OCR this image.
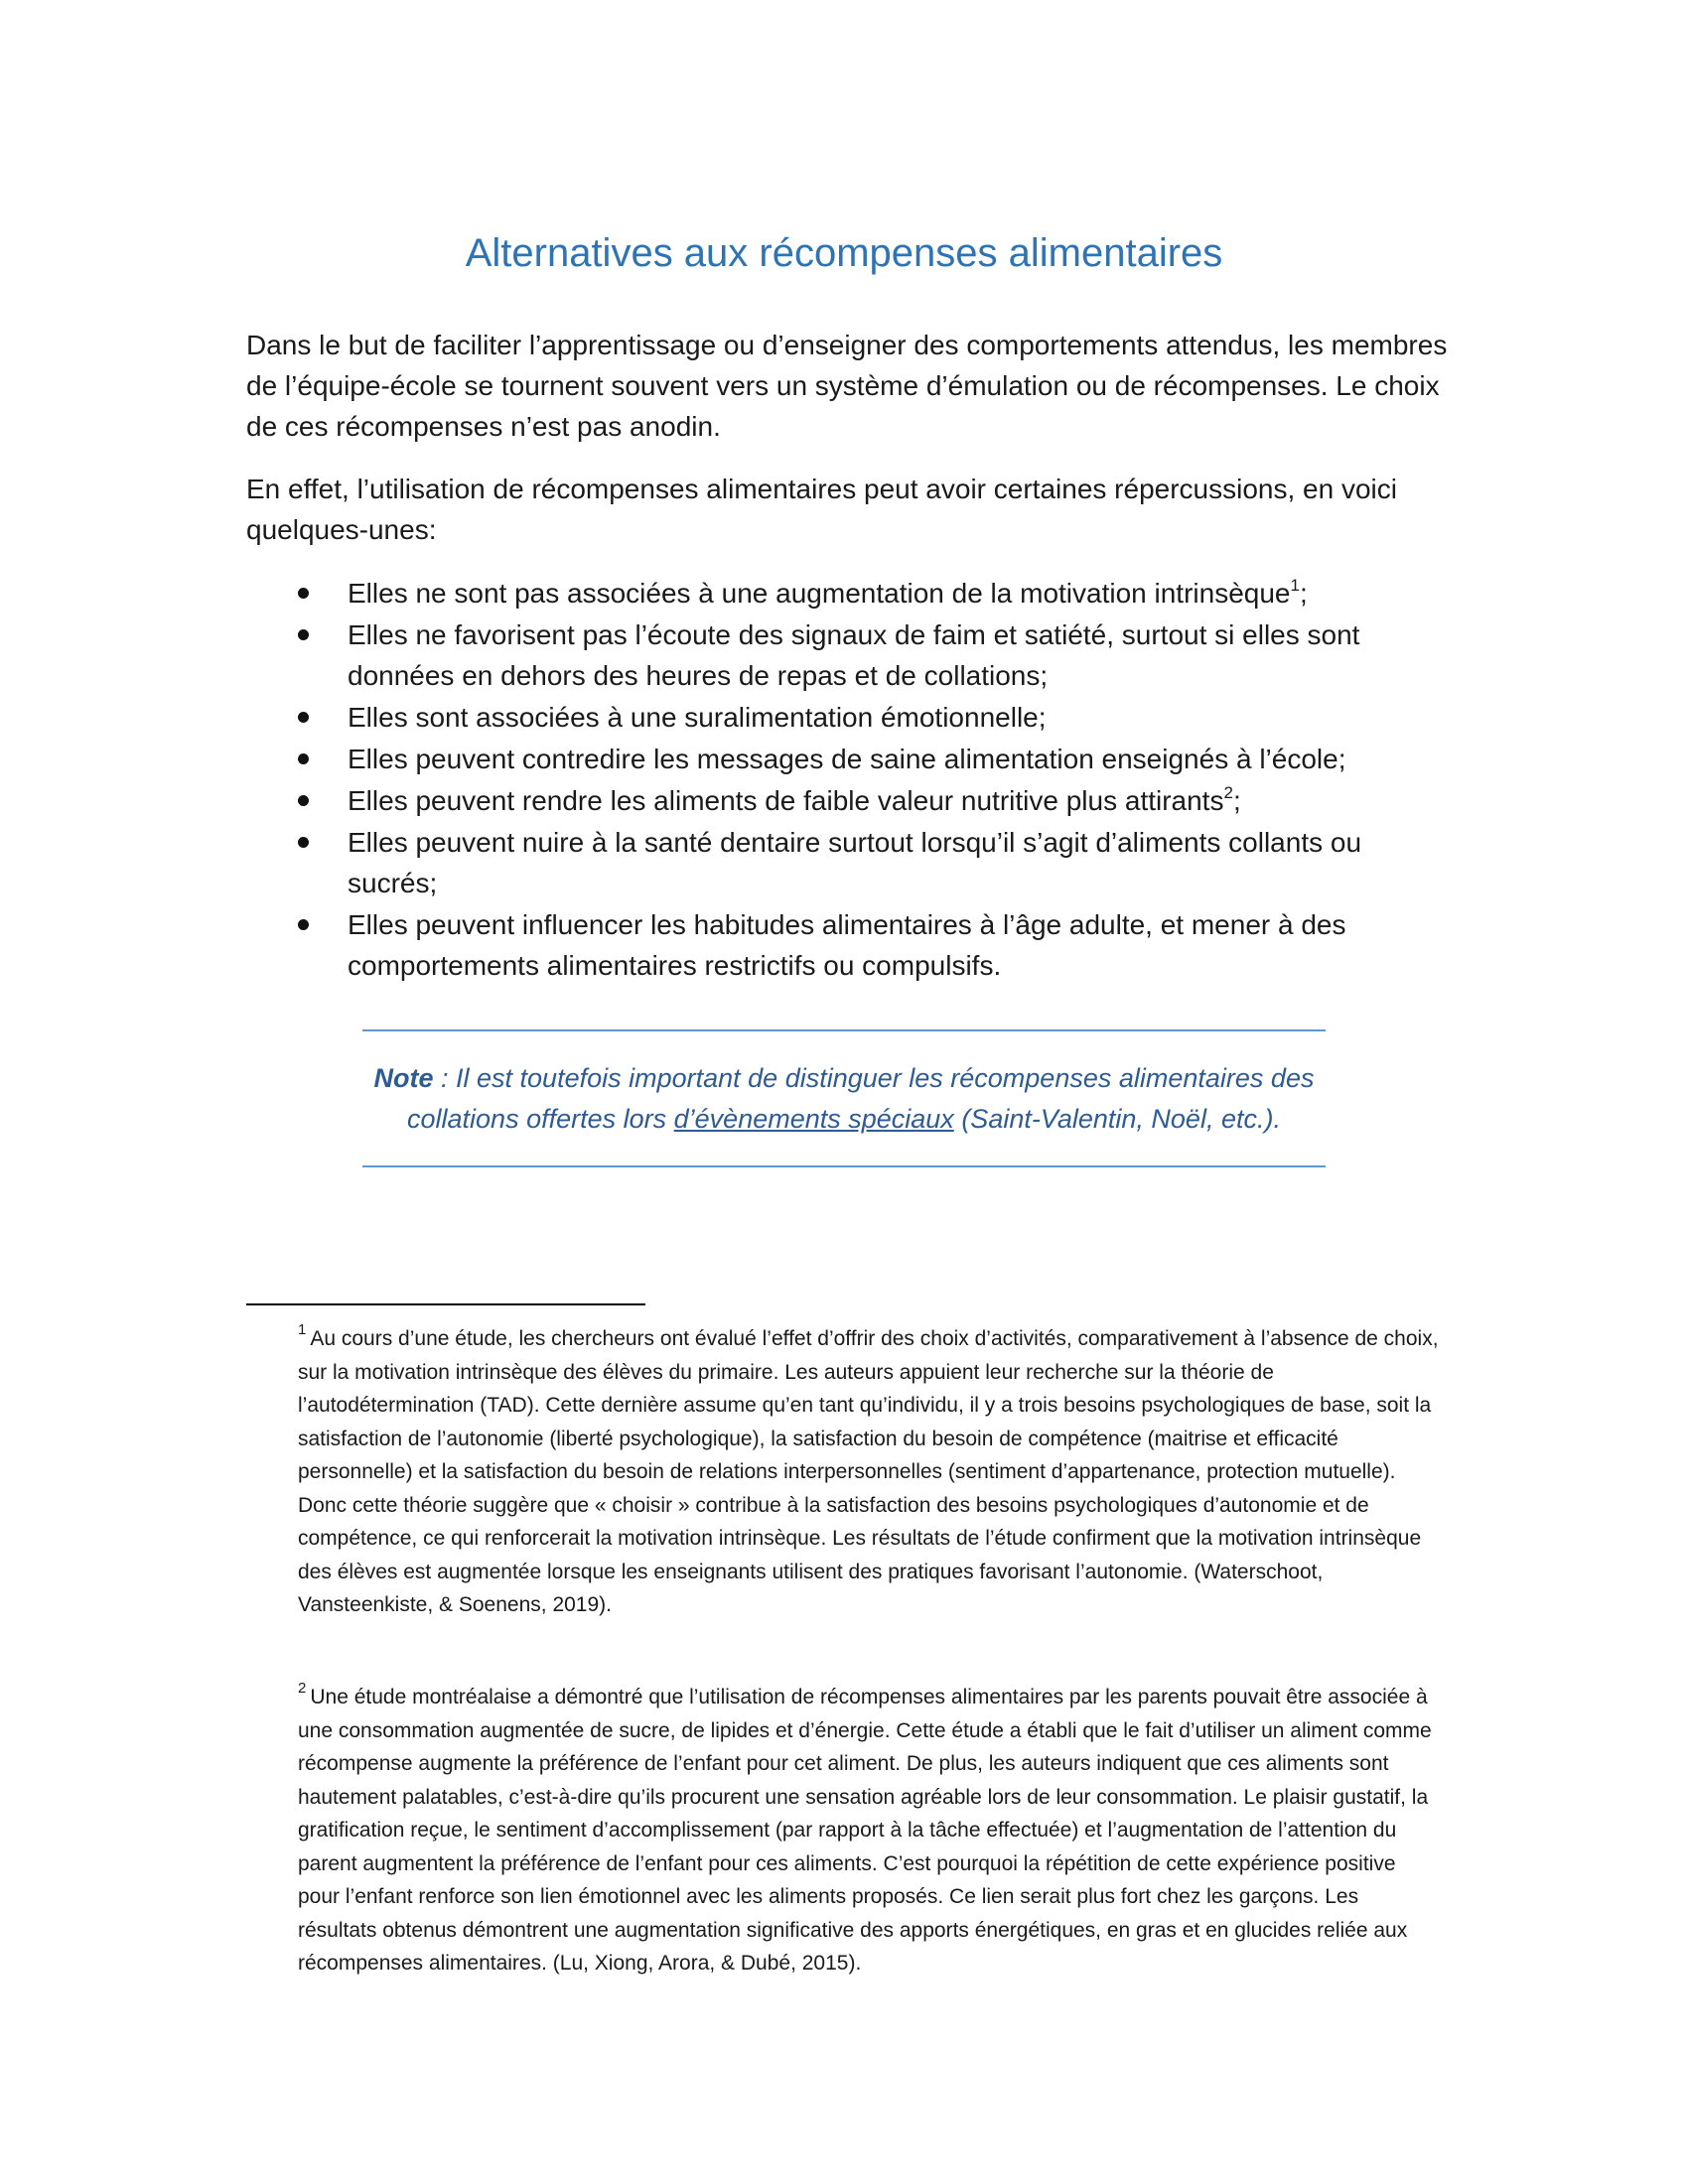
Alternatives aux récompenses alimentaires

Dans le but de faciliter l’apprentissage ou d’enseigner des comportements attendus, les membres de l’équipe-école se tournent souvent vers un système d’émulation ou de récompenses. Le choix de ces récompenses n’est pas anodin.

En effet, l’utilisation de récompenses alimentaires peut avoir certaines répercussions, en voici quelques-unes:

Elles ne sont pas associées à une augmentation de la motivation intrinsèque$^1$;
Elles ne favorisent pas l’écoute des signaux de faim et satiété, surtout si elles sont données en dehors des heures de repas et de collations;
Elles sont associées à une suralimentation émotionnelle;
Elles peuvent contredire les messages de saine alimentation enseignés à l’école;
Elles peuvent rendre les aliments de faible valeur nutritive plus attirants$^2$;
Elles peuvent nuire à la santé dentaire surtout lorsqu’il s’agit d’aliments collants ou sucrés;
Elles peuvent influencer les habitudes alimentaires à l’âge adulte, et mener à des comportements alimentaires restrictifs ou compulsifs.

Note : Il est toutefois important de distinguer les récompenses alimentaires des collations offertes lors d’évènements spéciaux (Saint-Valentin, Noël, etc.).

$^1$ Au cours d’une étude, les chercheurs ont évalué l’effet d’offrir des choix d’activités, comparativement à l’absence de choix, sur la motivation intrinsèque des élèves du primaire. Les auteurs appuient leur recherche sur la théorie de l’autodétermination (TAD). Cette dernière assume qu’en tant qu’individu, il y a trois besoins psychologiques de base, soit la satisfaction de l’autonomie (liberté psychologique), la satisfaction du besoin de compétence (maitrise et efficacité personnelle) et la satisfaction du besoin de relations interpersonnelles (sentiment d’appartenance, protection mutuelle). Donc cette théorie suggère que « choisir » contribue à la satisfaction des besoins psychologiques d’autonomie et de compétence, ce qui renforcerait la motivation intrinsèque. Les résultats de l’étude confirment que la motivation intrinsèque des élèves est augmentée lorsque les enseignants utilisent des pratiques favorisant l’autonomie. (Waterschoot, Vansteenkiste, & Soenens, 2019).

$^2$ Une étude montréalaise a démontré que l’utilisation de récompenses alimentaires par les parents pouvait être associée à une consommation augmentée de sucre, de lipides et d’énergie. Cette étude a établi que le fait d’utiliser un aliment comme récompense augmente la préférence de l’enfant pour cet aliment. De plus, les auteurs indiquent que ces aliments sont hautement palatables, c’est-à-dire qu’ils procurent une sensation agréable lors de leur consommation. Le plaisir gustatif, la gratification reçue, le sentiment d’accomplissement (par rapport à la tâche effectuée) et l’augmentation de l’attention du parent augmentent la préférence de l’enfant pour ces aliments. C’est pourquoi la répétition de cette expérience positive pour l’enfant renforce son lien émotionnel avec les aliments proposés. Ce lien serait plus fort chez les garçons. Les résultats obtenus démontrent une augmentation significative des apports énergétiques, en gras et en glucides reliée aux récompenses alimentaires. (Lu, Xiong, Arora, & Dubé, 2015).
